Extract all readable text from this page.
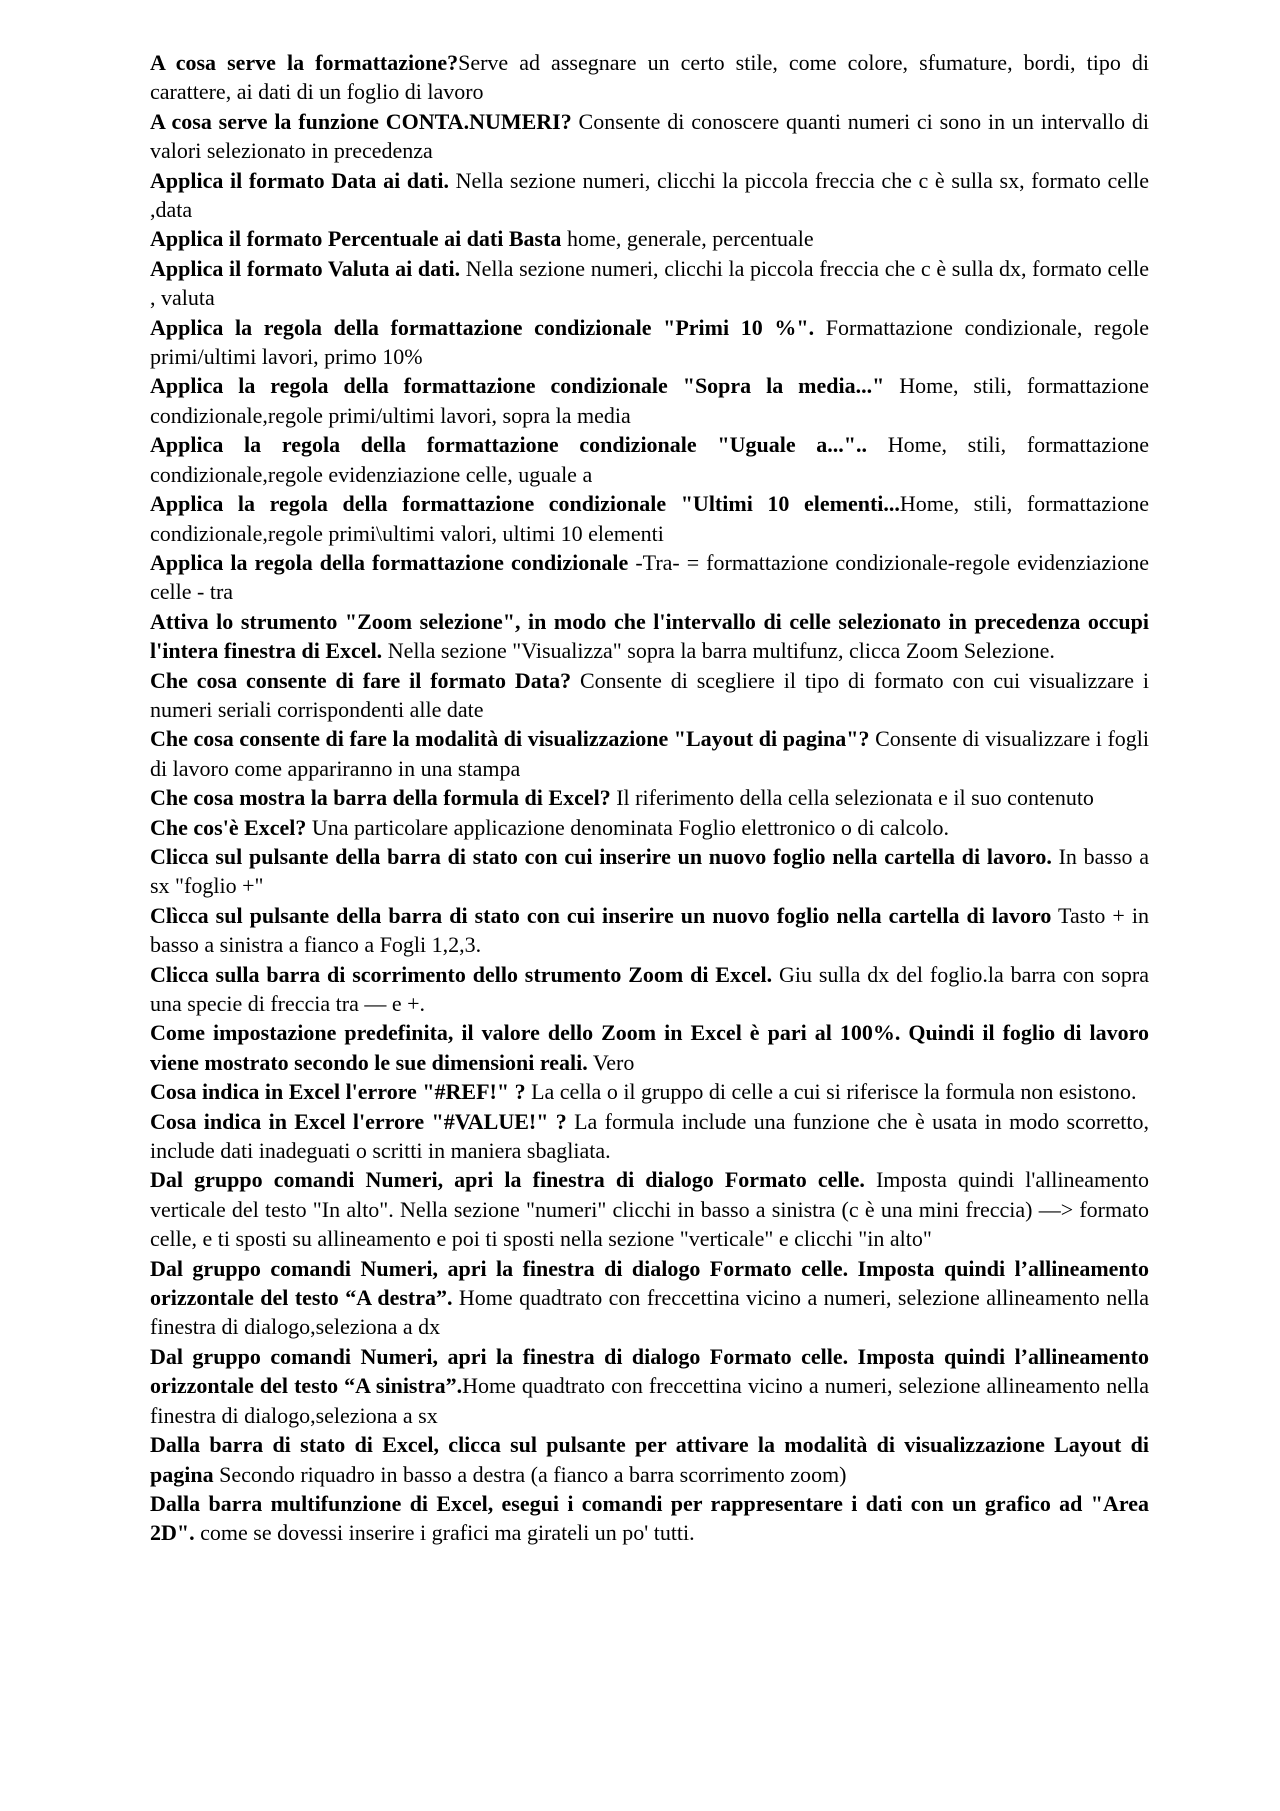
A cosa serve la formattazione?Serve ad assegnare un certo stile, come colore, sfumature, bordi, tipo di carattere, ai dati di un foglio di lavoro

A cosa serve la funzione CONTA.NUMERI? Consente di conoscere quanti numeri ci sono in un intervallo di valori selezionato in precedenza

Applica il formato Data ai dati. Nella sezione numeri, clicchi la piccola freccia che c è sulla sx, formato celle ,data

Applica il formato Percentuale ai dati Basta home, generale, percentuale

Applica il formato Valuta ai dati. Nella sezione numeri, clicchi la piccola freccia che c è sulla dx, formato celle , valuta

Applica la regola della formattazione condizionale "Primi 10 %". Formattazione condizionale, regole primi/ultimi lavori, primo 10%

Applica la regola della formattazione condizionale "Sopra la media..." Home, stili, formattazione condizionale,regole primi/ultimi lavori, sopra la media

Applica la regola della formattazione condizionale "Uguale a...".. Home, stili, formattazione condizionale,regole evidenziazione celle, uguale a

Applica la regola della formattazione condizionale "Ultimi 10 elementi...Home, stili, formattazione condizionale,regole primi\ultimi valori, ultimi 10 elementi

Applica la regola della formattazione condizionale -Tra- = formattazione condizionale-regole evidenziazione celle - tra

Attiva lo strumento "Zoom selezione", in modo che l'intervallo di celle selezionato in precedenza occupi l'intera finestra di Excel. Nella sezione "Visualizza" sopra la barra multifunz, clicca Zoom Selezione.

Che cosa consente di fare il formato Data? Consente di scegliere il tipo di formato con cui visualizzare i numeri seriali corrispondenti alle date

Che cosa consente di fare la modalità di visualizzazione "Layout di pagina"? Consente di visualizzare i fogli di lavoro come appariranno in una stampa

Che cosa mostra la barra della formula di Excel? Il riferimento della cella selezionata e il suo contenuto

Che cos'è Excel? Una particolare applicazione denominata Foglio elettronico o di calcolo.

Clicca sul pulsante della barra di stato con cui inserire un nuovo foglio nella cartella di lavoro. In basso a sx "foglio +"

Clìcca sul pulsante della barra di stato con cui inserire un nuovo foglio nella cartella di lavoro Tasto + in basso a sinistra a fianco a Fogli 1,2,3.

Clicca sulla barra di scorrimento dello strumento Zoom di Excel. Giu sulla dx del foglio.la barra con sopra una specie di freccia tra — e +.

Come impostazione predefinita, il valore dello Zoom in Excel è pari al 100%. Quindi il foglio di lavoro viene mostrato secondo le sue dimensioni reali. Vero

Cosa indica in Excel l'errore "#REF!" ? La cella o il gruppo di celle a cui si riferisce la formula non esistono.

Cosa indica in Excel l'errore "#VALUE!" ? La formula include una funzione che è usata in modo scorretto, include dati inadeguati o scritti in maniera sbagliata.

Dal gruppo comandi Numeri, apri la finestra di dialogo Formato celle. Imposta quindi l'allineamento verticale del testo "In alto". Nella sezione "numeri" clicchi in basso a sinistra (c è una mini freccia) —> formato celle, e ti sposti su allineamento e poi ti sposti nella sezione "verticale" e clicchi "in alto"

Dal gruppo comandi Numeri, apri la finestra di dialogo Formato celle. Imposta quindi l’allineamento orizzontale del testo “A destra”. Home quadtrato con freccettina vicino a numeri, selezione allineamento nella finestra di dialogo,seleziona a dx

Dal gruppo comandi Numeri, apri la finestra di dialogo Formato celle. Imposta quindi l’allineamento orizzontale del testo “A sinistra”.Home quadtrato con freccettina vicino a numeri, selezione allineamento nella finestra di dialogo,seleziona a sx

Dalla barra di stato di Excel, clicca sul pulsante per attivare la modalità di visualizzazione Layout di pagina Secondo riquadro in basso a destra (a fianco a barra scorrimento zoom)

Dalla barra multifunzione di Excel, esegui i comandi per rappresentare i dati con un grafico ad "Area 2D". come se dovessi inserire i grafici ma girateli un po' tutti.
